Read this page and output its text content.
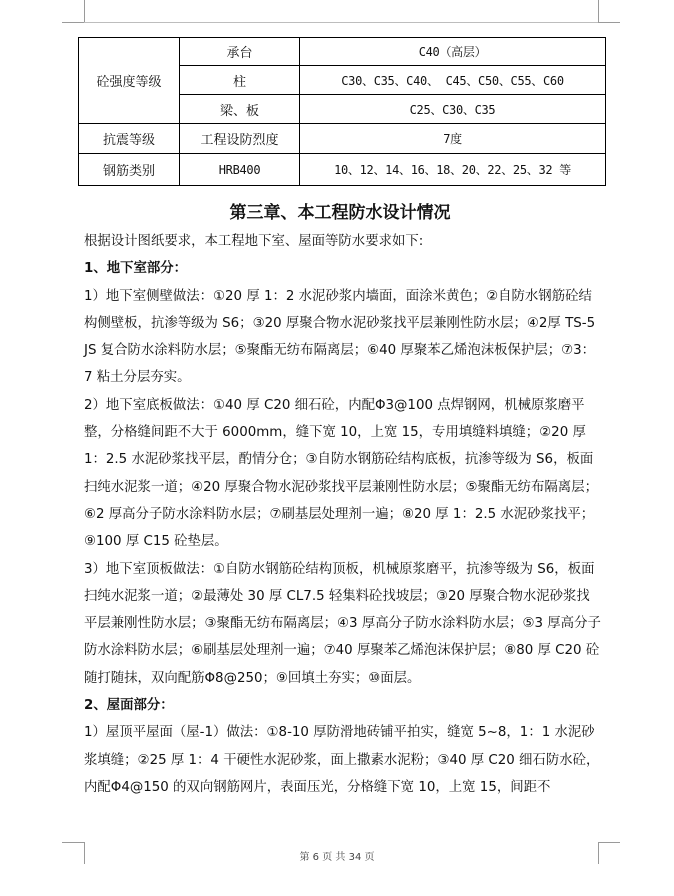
砼强度等级	承台	C40（高层）
	柱	C30、C35、C40、 C45、C50、C55、C60
	梁、板	C25、C30、C35
抗震等级	工程设防烈度	7度
钢筋类别	HRB400	10、12、14、16、18、20、22、25、32 等
第三章、本工程防水设计情况

根据设计图纸要求，本工程地下室、屋面等防水要求如下:

1、地下室部分：

1）地下室侧壁做法：①20 厚 1：2 水泥砂浆内墙面，面涂米黄色；②自防水钢筋砼结构侧壁板，抗渗等级为 S6；③20 厚聚合物水泥砂浆找平层兼刚性防水层；④2厚 TS-5 JS 复合防水涂料防水层；⑤聚酯无纺布隔离层；⑥40 厚聚苯乙烯泡沫板保护层；⑦3：7 粘土分层夯实。

2）地下室底板做法：①40 厚 C20 细石砼，内配Φ3@100 点焊钢网，机械原浆磨平整，分格缝间距不大于 6000mm，缝下宽 10，上宽 15，专用填缝料填缝；②20 厚 1：2.5 水泥砂浆找平层，酌情分仓；③自防水钢筋砼结构底板，抗渗等级为 S6，板面扫纯水泥浆一道；④20 厚聚合物水泥砂浆找平层兼刚性防水层；⑤聚酯无纺布隔离层；⑥2 厚高分子防水涂料防水层；⑦刷基层处理剂一遍；⑧20 厚 1：2.5 水泥砂浆找平；⑨100 厚 C15 砼垫层。

3）地下室顶板做法：①自防水钢筋砼结构顶板，机械原浆磨平，抗渗等级为 S6，板面扫纯水泥浆一道；②最薄处 30 厚 CL7.5 轻集料砼找坡层；③20 厚聚合物水泥砂浆找平层兼刚性防水层；③聚酯无纺布隔离层；④3 厚高分子防水涂料防水层；⑤3 厚高分子防水涂料防水层；⑥刷基层处理剂一遍；⑦40 厚聚苯乙烯泡沫保护层；⑧80 厚 C20 砼随打随抹，双向配筋Φ8@250；⑨回填土夯实；⑩面层。

2、屋面部分：

1）屋顶平屋面（屋-1）做法：①8-10 厚防滑地砖铺平拍实，缝宽 5~8，1：1 水泥砂浆填缝；②25 厚 1：4 干硬性水泥砂浆，面上撒素水泥粉；③40 厚 C20 细石防水砼，内配Φ4@150 的双向钢筋网片，表面压光，分格缝下宽 10，上宽 15，间距不

第 6 页 共 34 页
